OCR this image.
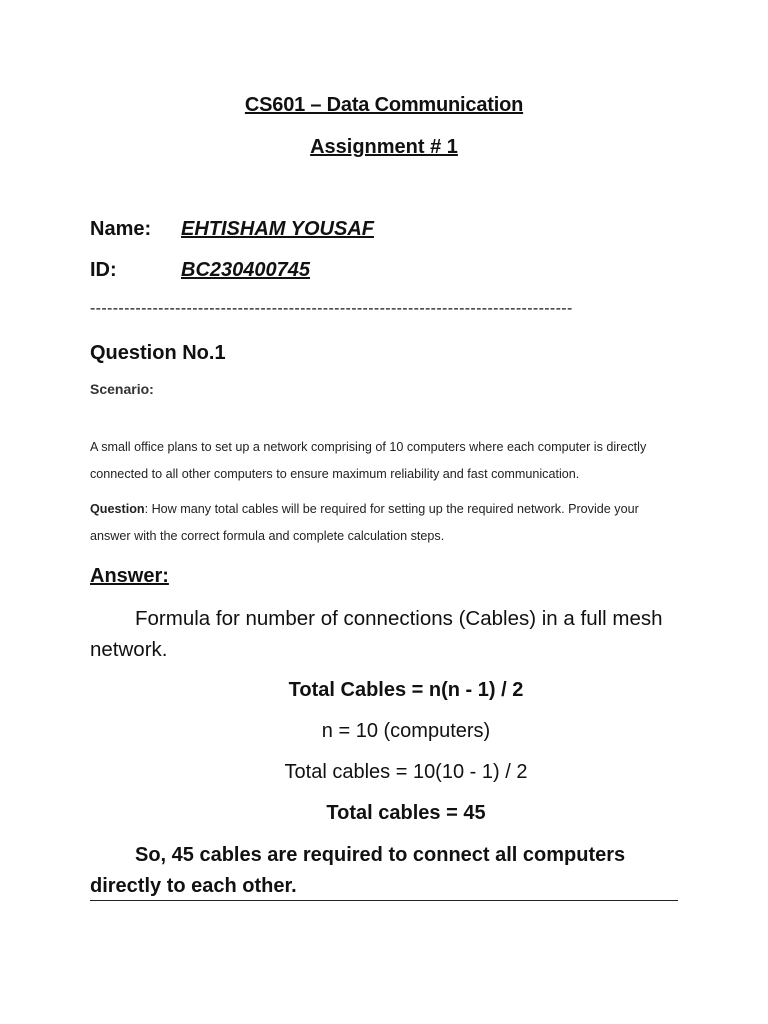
CS601 – Data Communication
Assignment # 1
Name: EHTISHAM YOUSAF
ID:	BC230400745
-------------------------------------------------------------------------------------
Question No.1
Scenario:
A small office plans to set up a network comprising of 10 computers where each computer is directly connected to all other computers to ensure maximum reliability and fast communication.
Question: How many total cables will be required for setting up the required network. Provide your answer with the correct formula and complete calculation steps.
Answer:
Formula for number of connections (Cables) in a full mesh network.
Total Cables = n(n - 1) / 2
n = 10 (computers)
Total cables = 10(10 - 1) / 2
Total cables = 45
So, 45 cables are required to connect all computers directly to each other.
